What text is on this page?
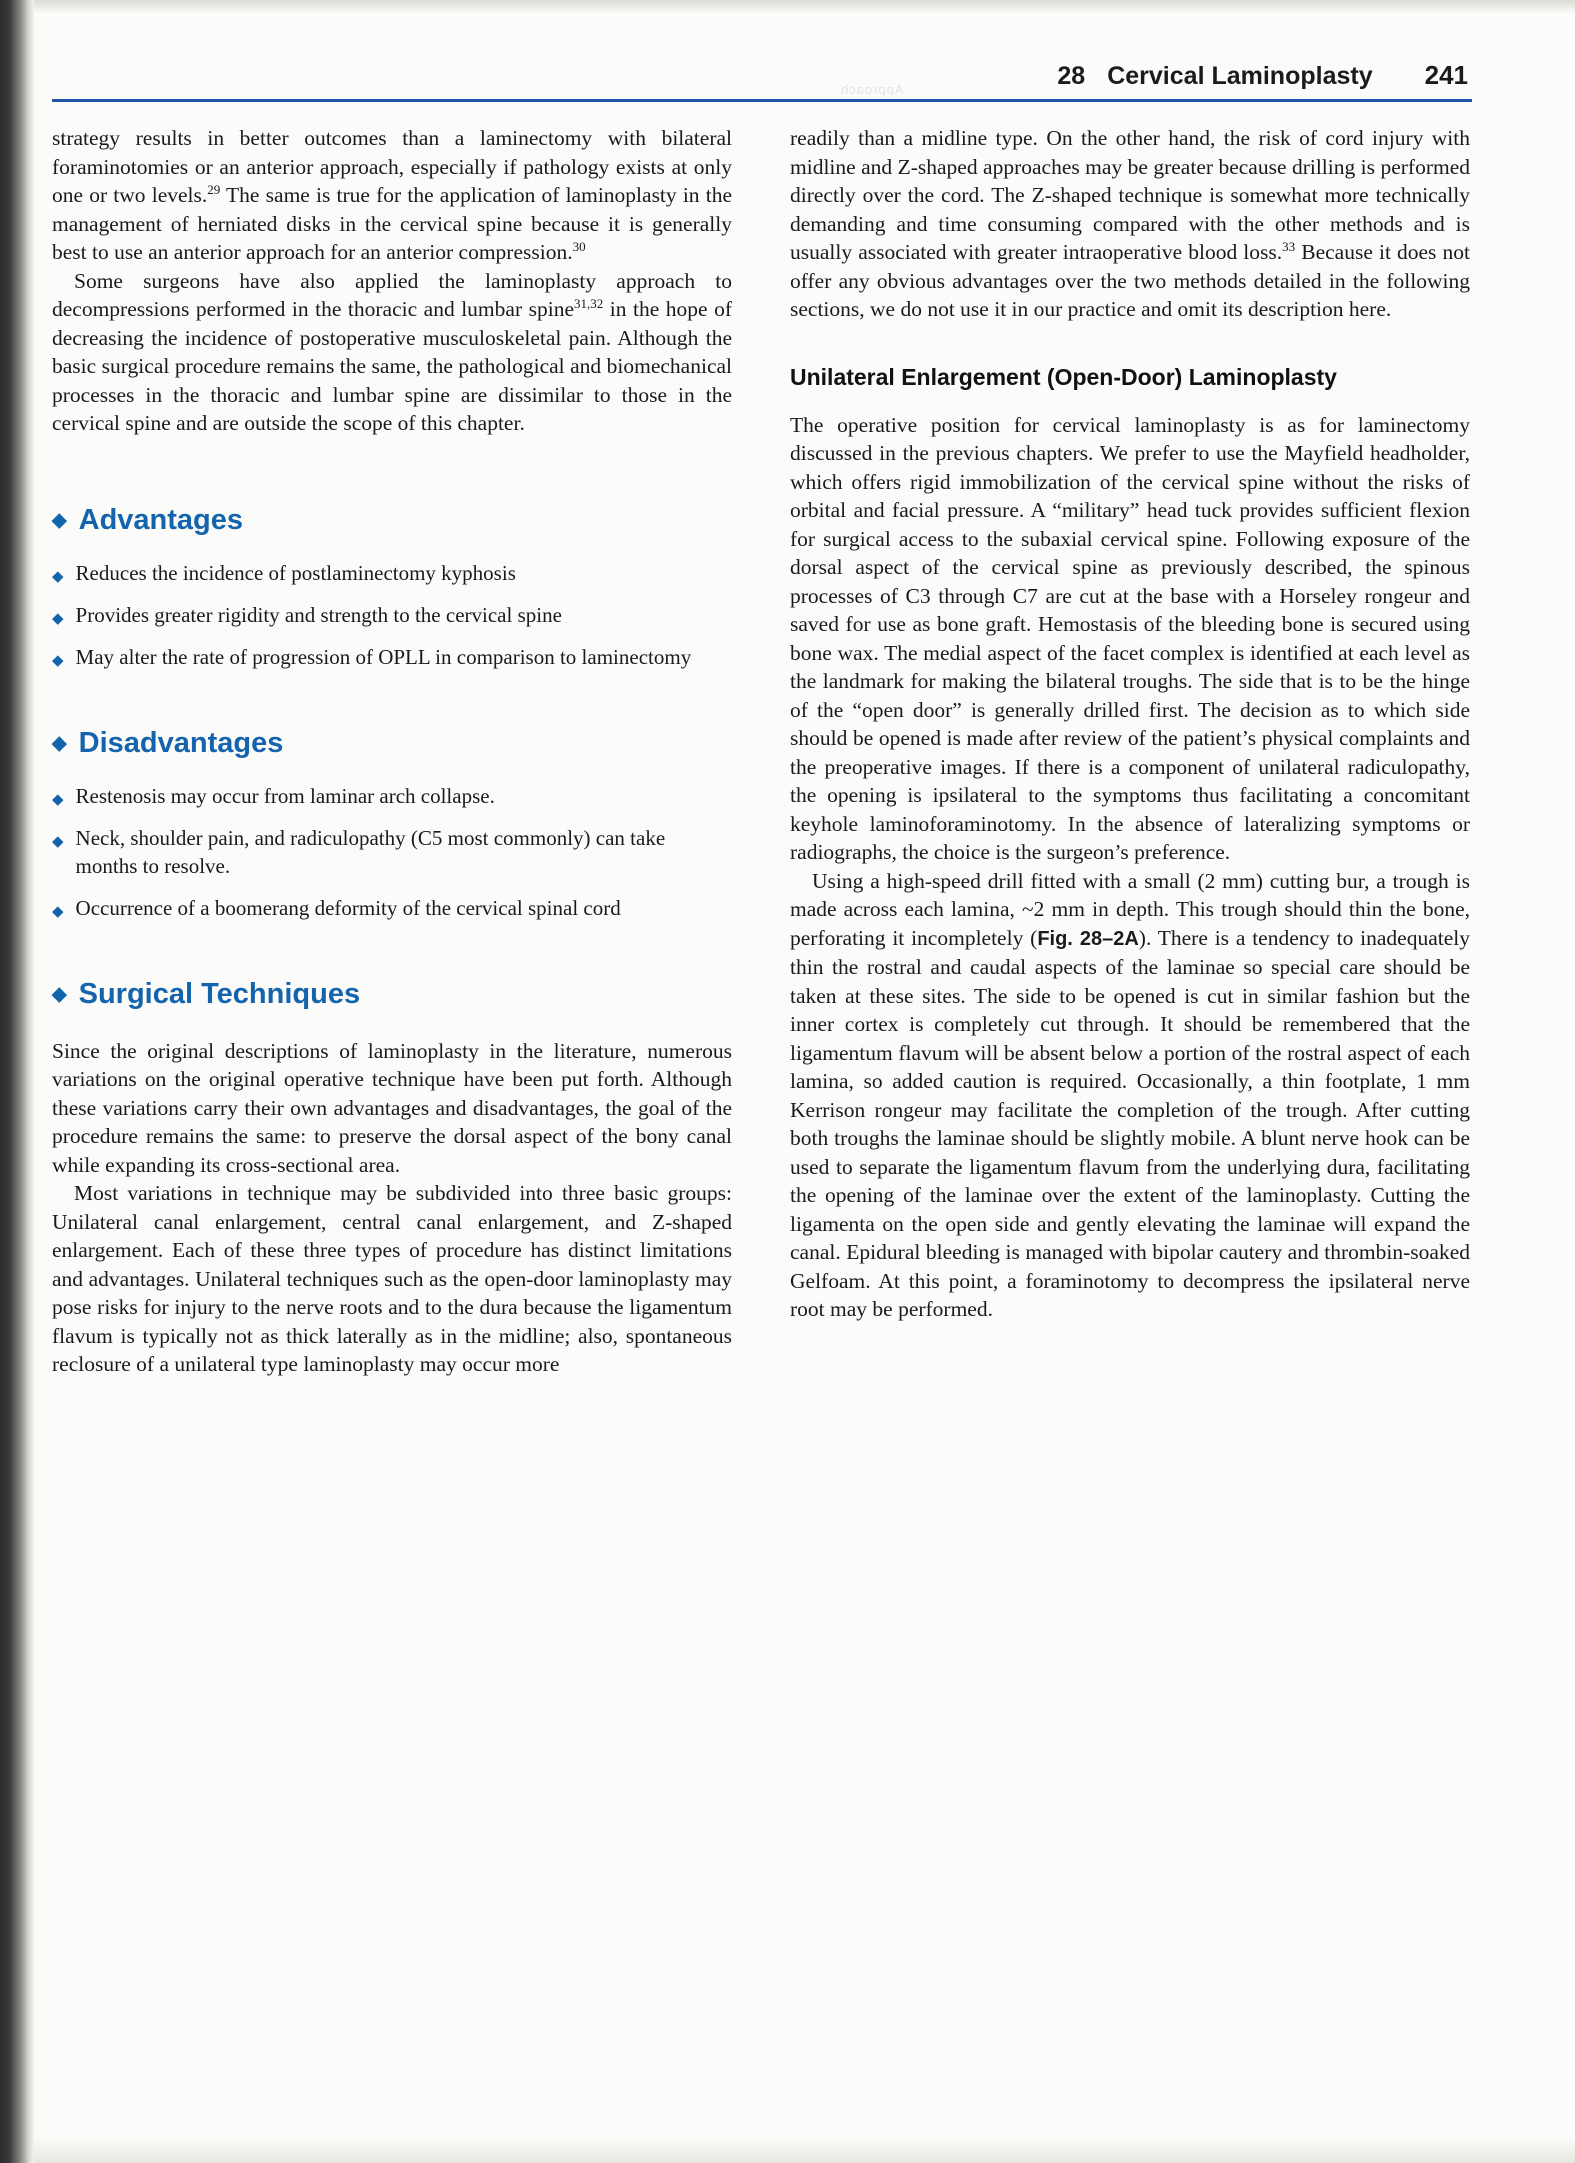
Approach	28 Cervical Laminoplasty 241

strategy results in better outcomes than a laminectomy with bilateral foraminotomies or an anterior approach, especially if pathology exists at only one or two levels.$^{29}$ The same is true for the application of laminoplasty in the management of herniated disks in the cervical spine because it is generally best to use an anterior approach for an anterior compression.$^{30}$

Some surgeons have also applied the laminoplasty approach to decompressions performed in the thoracic and lumbar spine$^{31,32}$ in the hope of decreasing the incidence of postoperative musculoskeletal pain. Although the basic surgical procedure remains the same, the pathological and biomechanical processes in the thoracic and lumbar spine are dissimilar to those in the cervical spine and are outside the scope of this chapter.

◆ Advantages
◆ Reduces the incidence of postlaminectomy kyphosis
◆ Provides greater rigidity and strength to the cervical spine
◆ May alter the rate of progression of OPLL in comparison to laminectomy
◆ Disadvantages
◆ Restenosis may occur from laminar arch collapse.
◆ Neck, shoulder pain, and radiculopathy (C5 most commonly) can take months to resolve.
◆ Occurrence of a boomerang deformity of the cervical spinal cord
◆ Surgical Techniques

Since the original descriptions of laminoplasty in the literature, numerous variations on the original operative technique have been put forth. Although these variations carry their own advantages and disadvantages, the goal of the procedure remains the same: to preserve the dorsal aspect of the bony canal while expanding its cross-sectional area.

Most variations in technique may be subdivided into three basic groups: Unilateral canal enlargement, central canal enlargement, and Z-shaped enlargement. Each of these three types of procedure has distinct limitations and advantages. Unilateral techniques such as the open-door laminoplasty may pose risks for injury to the nerve roots and to the dura because the ligamentum flavum is typically not as thick laterally as in the midline; also, spontaneous reclosure of a unilateral type laminoplasty may occur more

readily than a midline type. On the other hand, the risk of cord injury with midline and Z-shaped approaches may be greater because drilling is performed directly over the cord. The Z-shaped technique is somewhat more technically demanding and time consuming compared with the other methods and is usually associated with greater intraoperative blood loss.$^{33}$ Because it does not offer any obvious advantages over the two methods detailed in the following sections, we do not use it in our practice and omit its description here.

Unilateral Enlargement (Open-Door) Laminoplasty

The operative position for cervical laminoplasty is as for laminectomy discussed in the previous chapters. We prefer to use the Mayfield headholder, which offers rigid immobilization of the cervical spine without the risks of orbital and facial pressure. A “military” head tuck provides sufficient flexion for surgical access to the subaxial cervical spine. Following exposure of the dorsal aspect of the cervical spine as previously described, the spinous processes of C3 through C7 are cut at the base with a Horseley rongeur and saved for use as bone graft. Hemostasis of the bleeding bone is secured using bone wax. The medial aspect of the facet complex is identified at each level as the landmark for making the bilateral troughs. The side that is to be the hinge of the “open door” is generally drilled first. The decision as to which side should be opened is made after review of the patient’s physical complaints and the preoperative images. If there is a component of unilateral radiculopathy, the opening is ipsilateral to the symptoms thus facilitating a concomitant keyhole laminoforaminotomy. In the absence of lateralizing symptoms or radiographs, the choice is the surgeon’s preference.

Using a high-speed drill fitted with a small (2 mm) cutting bur, a trough is made across each lamina, ~2 mm in depth. This trough should thin the bone, perforating it incompletely (Fig. 28–2A). There is a tendency to inadequately thin the rostral and caudal aspects of the laminae so special care should be taken at these sites. The side to be opened is cut in similar fashion but the inner cortex is completely cut through. It should be remembered that the ligamentum flavum will be absent below a portion of the rostral aspect of each lamina, so added caution is required. Occasionally, a thin footplate, 1 mm Kerrison rongeur may facilitate the completion of the trough. After cutting both troughs the laminae should be slightly mobile. A blunt nerve hook can be used to separate the ligamentum flavum from the underlying dura, facilitating the opening of the laminae over the extent of the laminoplasty. Cutting the ligamenta on the open side and gently elevating the laminae will expand the canal. Epidural bleeding is managed with bipolar cautery and thrombin-soaked Gelfoam. At this point, a foraminotomy to decompress the ipsilateral nerve root may be performed.
